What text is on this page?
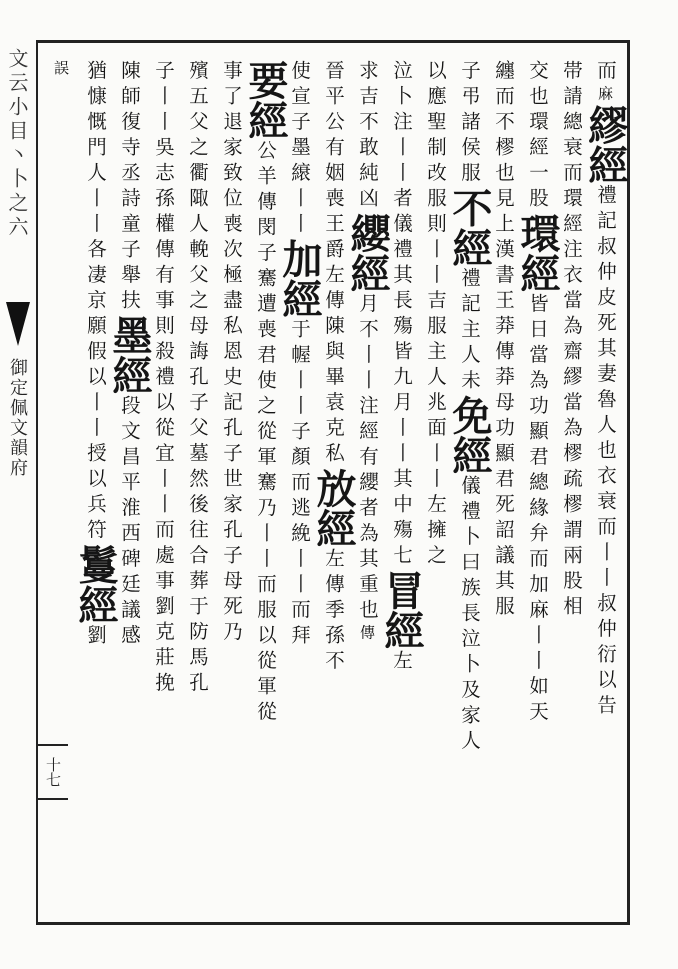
文云小目丶卜之六
御定佩文韻府
十七
而麻繆經禮記叔仲皮死其妻魯人也衣衰而丨丨叔仲衍以告
帯請總衰而環經注衣當為齋繆當為樛疏樛謂兩股相
交也環經一股環經皆日當為功顯君總緣弁而加麻丨丨如天
纏而不樛也見上漢書王莽傳莽母功顯君死詔議其服
子弔諸侯服不經禮記主人未免經儀禮卜曰族長泣卜及家人
以應聖制改服則丨丨吉服主人兆面丨丨左擁之
泣卜注丨丨者儀禮其長殤皆九月丨丨其中殤七冒經左
求吉不敢純凶纓經月不丨丨注經有纓者為其重也傳
晉平公有姻喪王爵左傳陳與畢袁克私放經左傳季孫不
使宣子墨縗丨丨加經于幄丨丨子顏而逃絻丨丨而拜
要經公羊傳閔子騫遭喪君使之從軍騫乃丨丨而服以從軍從
事了退家致位喪次極盡私恩史記孔子世家孔子母死乃
殯五父之衢陬人輓父之母誨孔子父墓然後往合葬于防馬孔
子丨丨吳志孫權傳有事則殺禮以從宜丨丨而處事劉克莊挽
陳師復寺丞詩童子舉扶墨經段文昌平淮西碑廷議感
猶慷慨門人丨丨各凄京願假以丨丨授以兵符鬘經劉
誤
